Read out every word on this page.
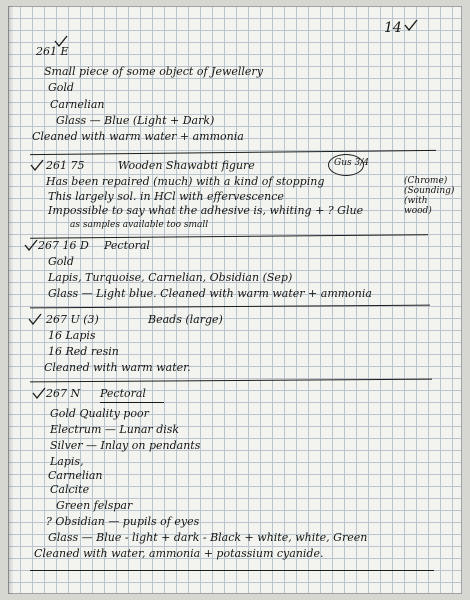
14
261 E
Small piece of some object of Jewellery
Gold
Carnelian
Glass — Blue (Light + Dark)
Cleaned with warm water + ammonia
261 75	Wooden Shawabti figure	Gus 3/4
Has been repaired (much) with a kind of stopping
This largely sol. in HCl with effervescence
Impossible to say what the adhesive is, whiting + ? Glue
as samples available too small
(Chrome) (Sounding) (with wood)
267 16 D Pectoral
Gold
Lapis, Turquoise, Carnelian, Obsidian (Sep)
Glass — Light blue. Cleaned with warm water + ammonia
267 U (3)	Beads (large)
16 Lapis
16 Red resin
Cleaned with warm water.
267 N Pectoral
Gold Quality poor
Electrum — Lunar disk
Silver — Inlay on pendants
Lapis,
Carnelian
Calcite
Green felspar
? Obsidian — pupils of eyes
Glass — Blue - light + dark - Black + white, white, Green
Cleaned with water, ammonia + potassium cyanide.
